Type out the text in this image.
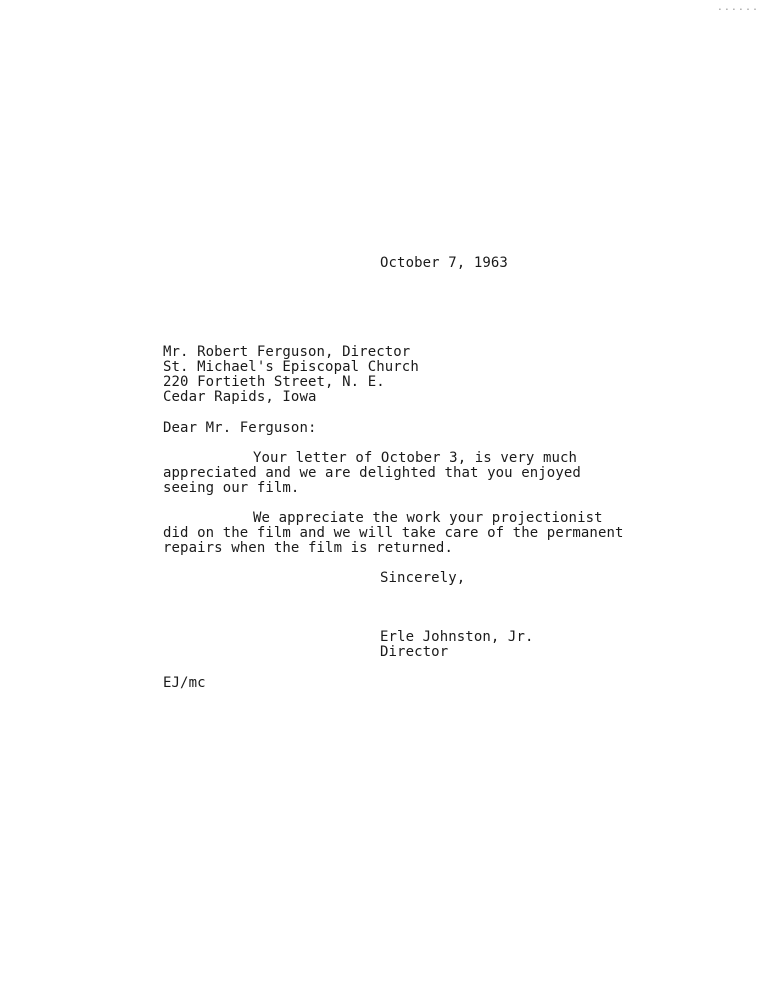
......
October 7, 1963
Mr. Robert Ferguson, Director
St. Michael's Episcopal Church
220 Fortieth Street, N. E.
Cedar Rapids, Iowa
Dear Mr. Ferguson:
Your letter of October 3, is very much
appreciated and we are delighted that you enjoyed
seeing our film.
We appreciate the work your projectionist
did on the film and we will take care of the permanent
repairs when the film is returned.
Sincerely,
Erle Johnston, Jr.
Director
EJ/mc
